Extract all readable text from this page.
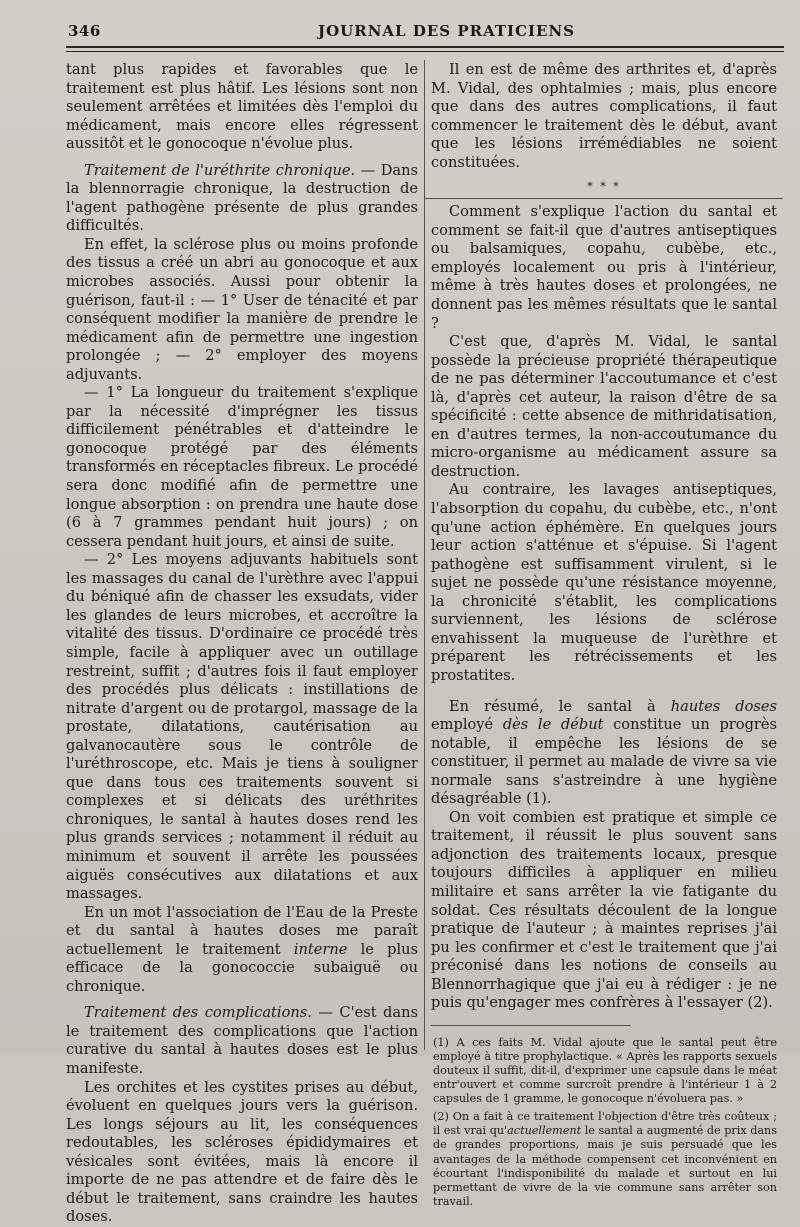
346	JOURNAL DES PRATICIENS

tant plus rapides et favorables que le traitement est plus hâtif. Les lésions sont non seulement arrêtées et limitées dès l'emploi du médicament, mais encore elles régressent aussitôt et le gonocoque n'évolue plus.

Traitement de l'uréthrite chronique. — Dans la blennorragie chronique, la destruction de l'agent pathogène présente de plus grandes difficultés.

En effet, la sclérose plus ou moins profonde des tissus a créé un abri au gonocoque et aux microbes associés. Aussi pour obtenir la guérison, faut-il : — 1° User de ténacité et par conséquent modifier la manière de prendre le médicament afin de permettre une ingestion prolongée ; — 2° employer des moyens adjuvants.

— 1° La longueur du traitement s'explique par la nécessité d'imprégner les tissus difficilement pénétrables et d'atteindre le gonocoque protégé par des éléments transformés en réceptacles fibreux. Le procédé sera donc modifié afin de permettre une longue absorption : on prendra une haute dose (6 à 7 grammes pendant huit jours) ; on cessera pendant huit jours, et ainsi de suite.

— 2° Les moyens adjuvants habituels sont les massages du canal de l'urèthre avec l'appui du béniqué afin de chasser les exsudats, vider les glandes de leurs microbes, et accroître la vitalité des tissus. D'ordinaire ce procédé très simple, facile à appliquer avec un outillage restreint, suffit ; d'autres fois il faut employer des procédés plus délicats : instillations de nitrate d'argent ou de protargol, massage de la prostate, dilatations, cautérisation au galvanocautère sous le contrôle de l'uréthroscope, etc. Mais je tiens à souligner que dans tous ces traitements souvent si complexes et si délicats des uréthrites chroniques, le santal à hautes doses rend les plus grands services ; notamment il réduit au minimum et souvent il arrête les poussées aiguës consécutives aux dilatations et aux massages.

En un mot l'association de l'Eau de la Preste et du santal à hautes doses me paraît actuellement le traitement interne le plus efficace de la gonococcie subaiguë ou chronique.

Traitement des complications. — C'est dans le traitement des complications que l'action curative du santal à hautes doses est le plus manifeste.

Les orchites et les cystites prises au début, évoluent en quelques jours vers la guérison. Les longs séjours au lit, les conséquences redoutables, les scléroses épididymaires et vésicales sont évitées, mais là encore il importe de ne pas attendre et de faire dès le début le traitement, sans craindre les hautes doses.

Il en est de même des arthrites et, d'après M. Vidal, des ophtalmies ; mais, plus encore que dans des autres complications, il faut commencer le traitement dès le début, avant que les lésions irrémédiables ne soient constituées.

* * *

Comment s'explique l'action du santal et comment se fait-il que d'autres antiseptiques ou balsamiques, copahu, cubèbe, etc., employés localement ou pris à l'intérieur, même à très hautes doses et prolongées, ne donnent pas les mêmes résultats que le santal ?

C'est que, d'après M. Vidal, le santal possède la précieuse propriété thérapeutique de ne pas déterminer l'accoutumance et c'est là, d'après cet auteur, la raison d'être de sa spécificité : cette absence de mithridatisation, en d'autres termes, la non-accoutumance du micro-organisme au médicament assure sa destruction.

Au contraire, les lavages antiseptiques, l'absorption du copahu, du cubèbe, etc., n'ont qu'une action éphémère. En quelques jours leur action s'atténue et s'épuise. Si l'agent pathogène est suffisamment virulent, si le sujet ne possède qu'une résistance moyenne, la chronicité s'établit, les complications surviennent, les lésions de sclérose envahissent la muqueuse de l'urèthre et préparent les rétrécissements et les prostatites.

En résumé, le santal à hautes doses employé dès le début constitue un progrès notable, il empêche les lésions de se constituer, il permet au malade de vivre sa vie normale sans s'astreindre à une hygiène désagréable (1).

On voit combien est pratique et simple ce traitement, il réussit le plus souvent sans adjonction des traitements locaux, presque toujours difficiles à appliquer en milieu militaire et sans arrêter la vie fatigante du soldat. Ces résultats découlent de la longue pratique de l'auteur ; à maintes reprises j'ai pu les confirmer et c'est le traitement que j'ai préconisé dans les notions de conseils au Blennorrhagique que j'ai eu à rédiger : je ne puis qu'engager mes confrères à l'essayer (2).

(1) A ces faits M. Vidal ajoute que le santal peut être employé à titre prophylactique. « Après les rapports sexuels douteux il suffit, dit-il, d'exprimer une capsule dans le méat entr'ouvert et comme surcroît prendre à l'intérieur 1 à 2 capsules de 1 gramme, le gonocoque n'évoluera pas. »

(2) On a fait à ce traitement l'objection d'être très coûteux ; il est vrai qu'actuellement le santal a augmenté de prix dans de grandes proportions, mais je suis persuadé que les avantages de la méthode compensent cet inconvénient en écourtant l'indisponibilité du malade et surtout en lui permettant de vivre de la vie commune sans arrêter son travail.
